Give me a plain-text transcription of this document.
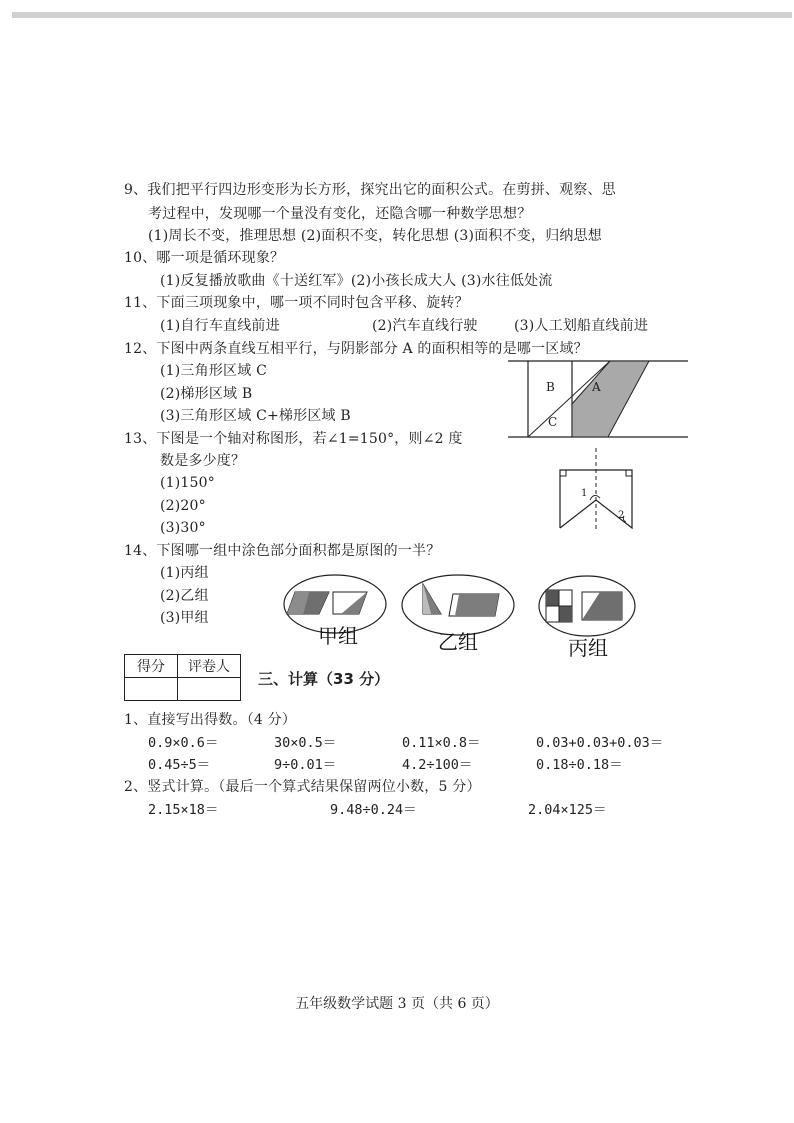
9、我们把平行四边形变形为长方形，探究出它的面积公式。在剪拼、观察、思
考过程中，发现哪一个量没有变化，还隐含哪一种数学思想？
(1)周长不变，推理思想 (2)面积不变，转化思想 (3)面积不变，归纳思想
10、哪一项是循环现象？
(1)反复播放歌曲《十送红军》(2)小孩长成大人 (3)水往低处流
11、下面三项现象中，哪一项不同时包含平移、旋转？
(1)自行车直线前进	(2)汽车直线行驶	(3)人工划船直线前进
12、下图中两条直线互相平行，与阴影部分 A 的面积相等的是哪一区域？
(1)三角形区域 C
(2)梯形区域 B
(3)三角形区域 C+梯形区域 B
A
B
C
13、下图是一个轴对称图形，若∠1=150°，则∠2 度
数是多少度？
(1)150°
(2)20°
(3)30°
1
2
14、下图哪一组中涂色部分面积都是原图的一半？
(1)丙组
(2)乙组
(3)甲组
甲组	乙组	丙组
得分	评卷人

三、计算（33 分）
1、直接写出得数。（4 分）
0.9×0.6＝	30×0.5＝	0.11×0.8＝	0.03+0.03+0.03＝
0.45÷5＝	9÷0.01＝	4.2÷100＝	0.18÷0.18＝
2、竖式计算。（最后一个算式结果保留两位小数，5 分）
2.15×18＝	9.48÷0.24＝	2.04×125＝
五年级数学试题 3 页（共 6 页）
